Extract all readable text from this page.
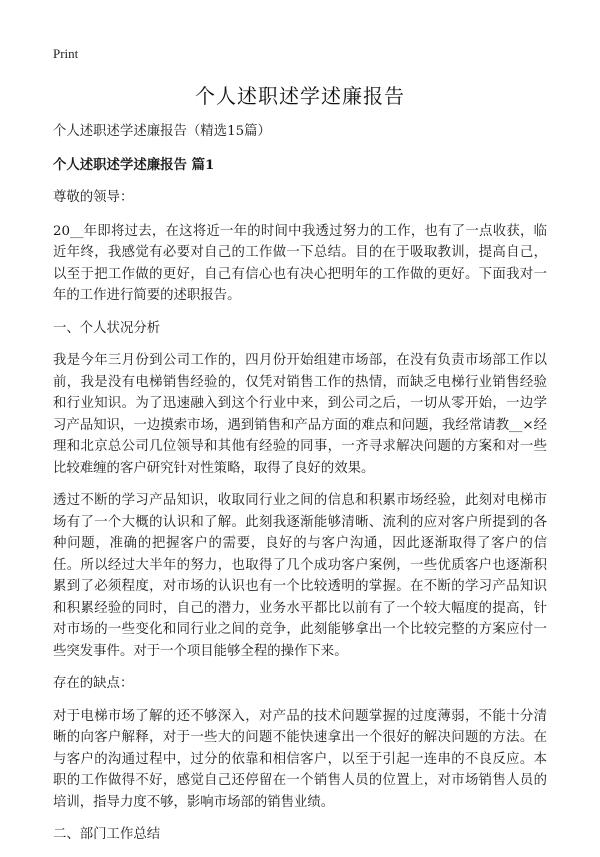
Print
个人述职述学述廉报告

个人述职述学述廉报告（精选15篇）

个人述职述学述廉报告 篇1

尊敬的领导：

20__年即将过去，在这将近一年的时间中我透过努力的工作，也有了一点收获，临近年终，我感觉有必要对自己的工作做一下总结。目的在于吸取教训，提高自己，以至于把工作做的更好，自己有信心也有决心把明年的工作做的更好。下面我对一年的工作进行简要的述职报告。

一、个人状况分析

我是今年三月份到公司工作的，四月份开始组建市场部，在没有负责市场部工作以前，我是没有电梯销售经验的，仅凭对销售工作的热情，而缺乏电梯行业销售经验和行业知识。为了迅速融入到这个行业中来，到公司之后，一切从零开始，一边学习产品知识，一边摸索市场，遇到销售和产品方面的难点和问题，我经常请教__×经理和北京总公司几位领导和其他有经验的同事，一齐寻求解决问题的方案和对一些比较难缠的客户研究针对性策略，取得了良好的效果。

透过不断的学习产品知识，收取同行业之间的信息和积累市场经验，此刻对电梯市场有了一个大概的认识和了解。此刻我逐渐能够清晰、流利的应对客户所提到的各种问题，准确的把握客户的需要，良好的与客户沟通，因此逐渐取得了客户的信任。所以经过大半年的努力，也取得了几个成功客户案例，一些优质客户也逐渐积累到了必须程度，对市场的认识也有一个比较透明的掌握。在不断的学习产品知识和积累经验的同时，自己的潜力，业务水平都比以前有了一个较大幅度的提高，针对市场的一些变化和同行业之间的竞争，此刻能够拿出一个比较完整的方案应付一些突发事件。对于一个项目能够全程的操作下来。

存在的缺点：

对于电梯市场了解的还不够深入，对产品的技术问题掌握的过度薄弱，不能十分清晰的向客户解释，对于一些大的问题不能快速拿出一个很好的解决问题的方法。在与客户的沟通过程中，过分的依靠和相信客户，以至于引起一连串的不良反应。本职的工作做得不好，感觉自己还停留在一个销售人员的位置上，对市场销售人员的培训，指导力度不够，影响市场部的销售业绩。

二、部门工作总结
